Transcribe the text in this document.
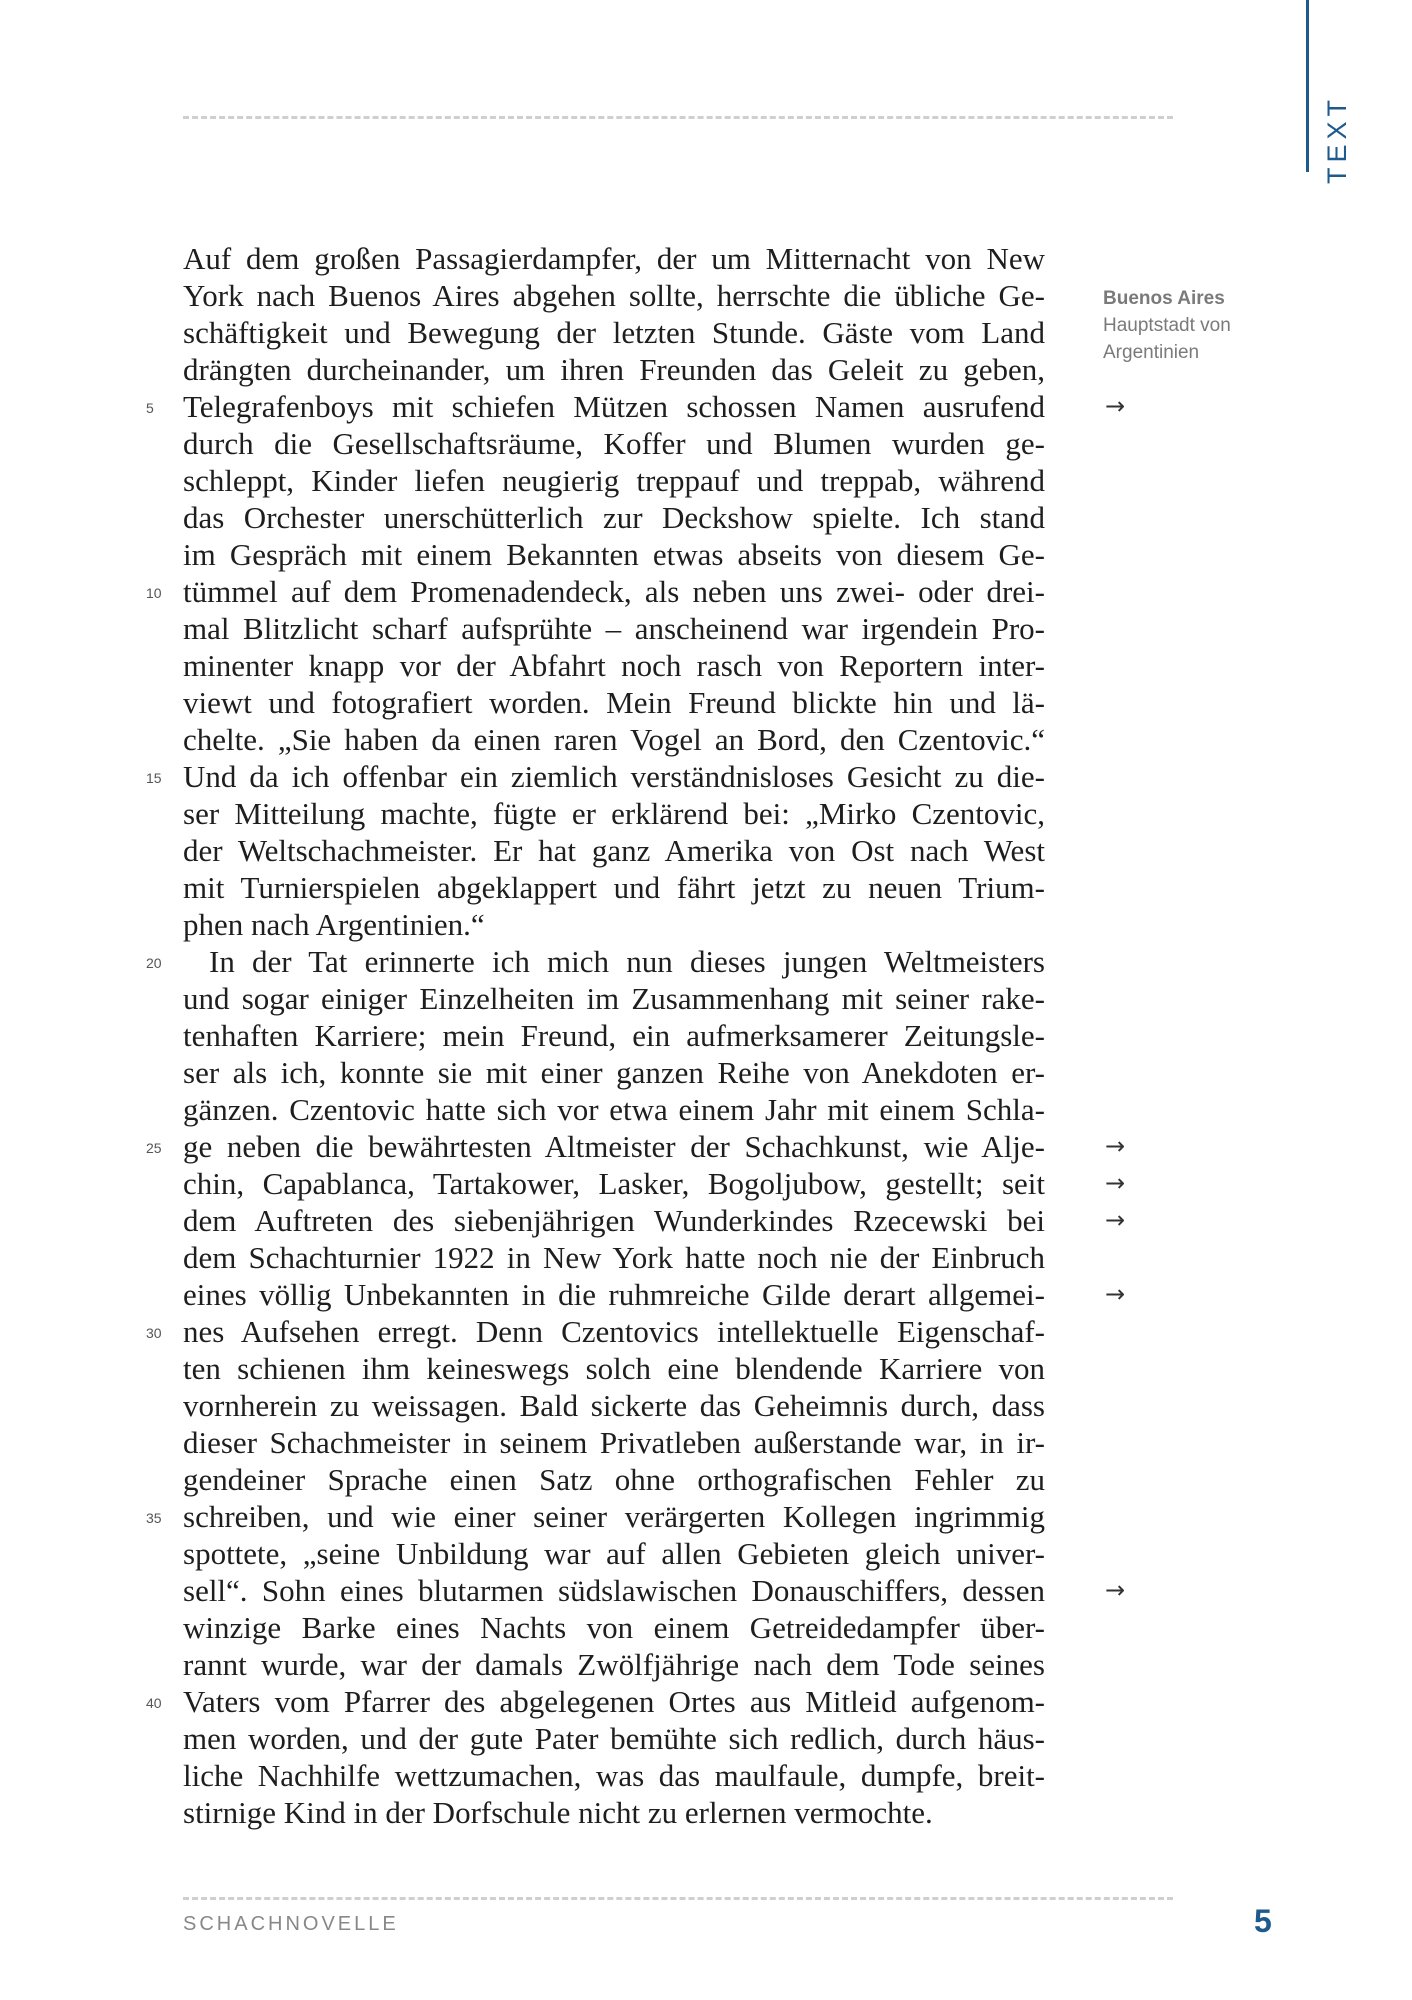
TEXT
Auf dem großen Passagierdampfer, der um Mitternacht von New
York nach Buenos Aires abgehen sollte, herrschte die übliche Ge-
schäftigkeit und Bewegung der letzten Stunde. Gäste vom Land
drängten durcheinander, um ihren Freunden das Geleit zu geben,
5 Telegrafenboys mit schiefen Mützen schossen Namen ausrufend
durch die Gesellschaftsräume, Koffer und Blumen wurden ge-
schleppt, Kinder liefen neugierig treppauf und treppab, während
das Orchester unerschütterlich zur Deckshow spielte. Ich stand
im Gespräch mit einem Bekannten etwas abseits von diesem Ge-
10 tümmel auf dem Promenadendeck, als neben uns zwei- oder drei-
mal Blitzlicht scharf aufsprühte – anscheinend war irgendein Pro-
minenter knapp vor der Abfahrt noch rasch von Reportern inter-
viewt und fotografiert worden. Mein Freund blickte hin und lä-
chelte. „Sie haben da einen raren Vogel an Bord, den Czentovic.“
15 Und da ich offenbar ein ziemlich verständnisloses Gesicht zu die-
ser Mitteilung machte, fügte er erklärend bei: „Mirko Czentovic,
der Weltschachmeister. Er hat ganz Amerika von Ost nach West
mit Turnierspielen abgeklappert und fährt jetzt zu neuen Trium-
phen nach Argentinien.“
20 In der Tat erinnerte ich mich nun dieses jungen Weltmeisters
und sogar einiger Einzelheiten im Zusammenhang mit seiner rake-
tenhaften Karriere; mein Freund, ein aufmerksamerer Zeitungsle-
ser als ich, konnte sie mit einer ganzen Reihe von Anekdoten er-
gänzen. Czentovic hatte sich vor etwa einem Jahr mit einem Schla-
25 ge neben die bewährtesten Altmeister der Schachkunst, wie Alje-
chin, Capablanca, Tartakower, Lasker, Bogoljubow, gestellt; seit
dem Auftreten des siebenjährigen Wunderkindes Rzecewski bei
dem Schachturnier 1922 in New York hatte noch nie der Einbruch
eines völlig Unbekannten in die ruhmreiche Gilde derart allgemei-
30 nes Aufsehen erregt. Denn Czentovics intellektuelle Eigenschaf-
ten schienen ihm keineswegs solch eine blendende Karriere von
vornherein zu weissagen. Bald sickerte das Geheimnis durch, dass
dieser Schachmeister in seinem Privatleben außerstande war, in ir-
gendeiner Sprache einen Satz ohne orthografischen Fehler zu
35 schreiben, und wie einer seiner verärgerten Kollegen ingrimmig
spottete, „seine Unbildung war auf allen Gebieten gleich univer-
sell“. Sohn eines blutarmen südslawischen Donauschiffers, dessen
winzige Barke eines Nachts von einem Getreidedampfer über-
rannt wurde, war der damals Zwölfjährige nach dem Tode seines
40 Vaters vom Pfarrer des abgelegenen Ortes aus Mitleid aufgenom-
men worden, und der gute Pater bemühte sich redlich, durch häus-
liche Nachhilfe wettzumachen, was das maulfaule, dumpfe, breit-
stirnige Kind in der Dorfschule nicht zu erlernen vermochte.
Buenos Aires
Hauptstadt von
Argentinien
→
→
→
→
→
→
SCHACHNOVELLE	5
